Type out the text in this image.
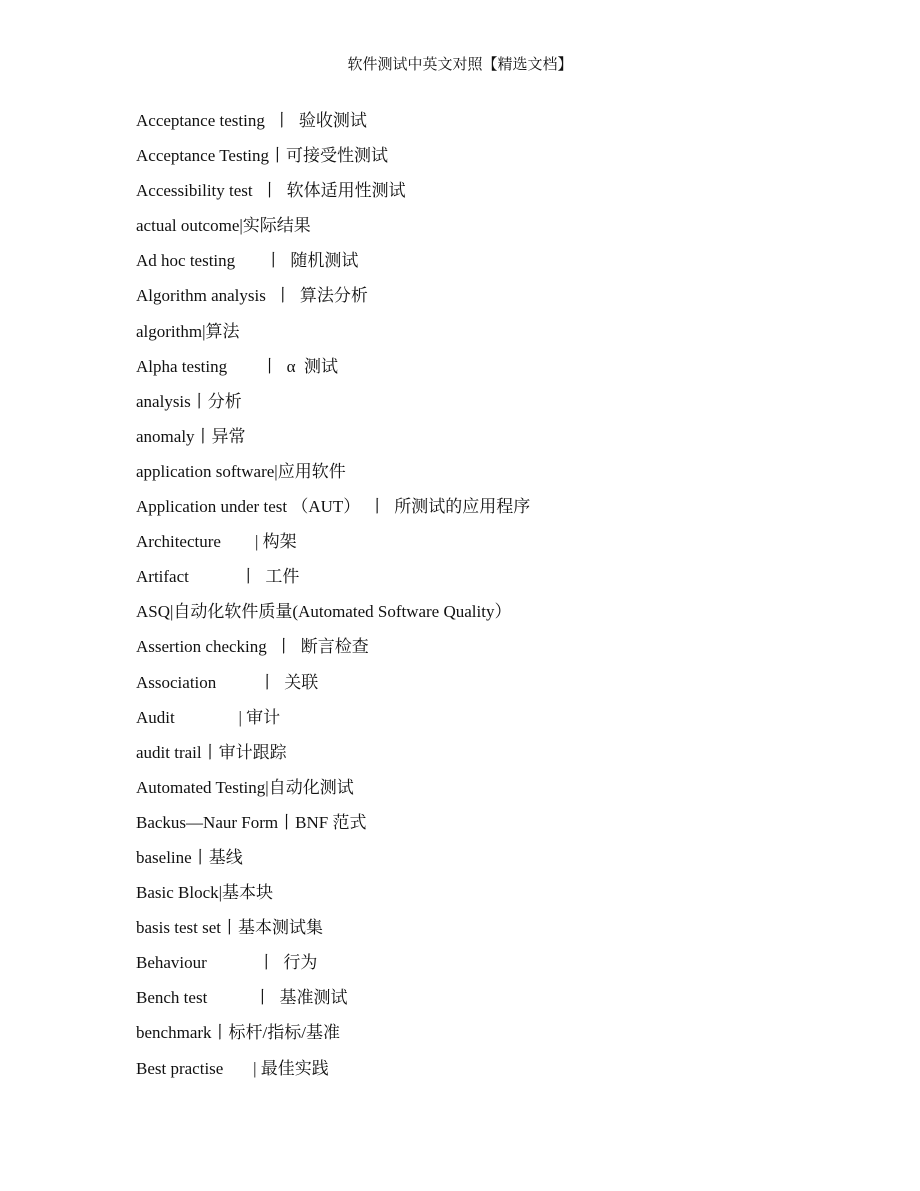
软件测试中英文对照【精选文档】
Acceptance testing  丨  验收测试
Acceptance Testing丨可接受性测试
Accessibility test  丨  软体适用性测试
actual outcome|实际结果
Ad hoc testing       丨  随机测试
Algorithm analysis  丨  算法分析
algorithm|算法
Alpha testing        丨  α  测试
analysis丨分析
anomaly丨异常
application software|应用软件
Application under test （AUT）  丨  所测试的应用程序
Architecture        | 构架
Artifact            丨  工件
ASQ|自动化软件质量(Automated Software Quality）
Assertion checking  丨  断言检查
Association          丨  关联
Audit               | 审计
audit trail丨审计跟踪
Automated Testing|自动化测试
Backus—Naur Form丨BNF 范式
baseline丨基线
Basic Block|基本块
basis test set丨基本测试集
Behaviour            丨  行为
Bench test           丨  基准测试
benchmark丨标杆/指标/基准
Best practise       | 最佳实践
